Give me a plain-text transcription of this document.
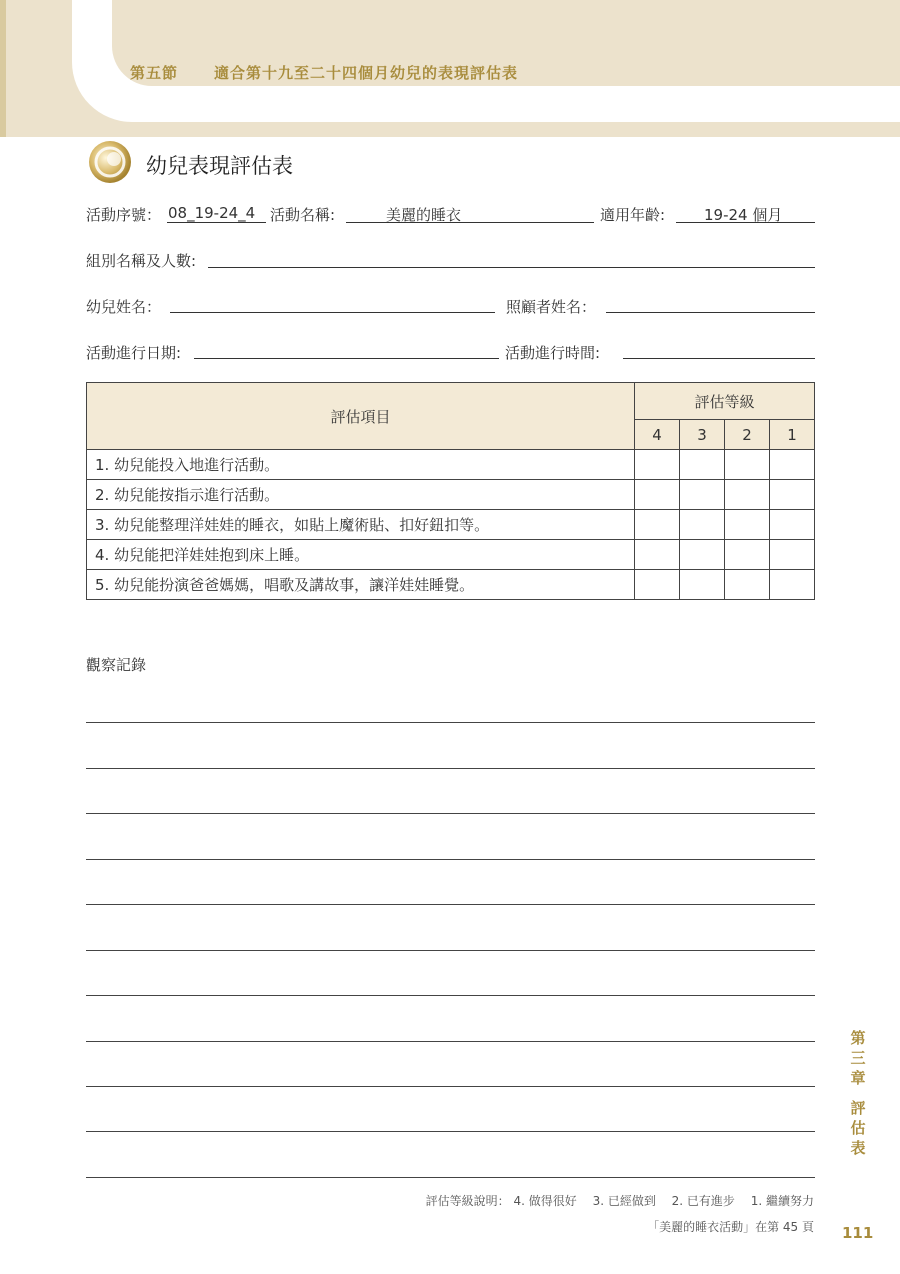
第五節 適合第十九至二十四個月幼兒的表現評估表
幼兒表現評估表
活動序號： 08_19-24_4 活動名稱:	美麗的睡衣	適用年齡:	19-24 個月
組別名稱及人數:
幼兒姓名：	照顧者姓名：
活動進行日期:	活動進行時間:
評估項目	評估等級			
	4	3	2	1
1. 幼兒能投入地進行活動。				
2. 幼兒能按指示進行活動。				
3. 幼兒能整理洋娃娃的睡衣，如貼上魔術貼、扣好鈕扣等。				
4. 幼兒能把洋娃娃抱到床上睡。				
5. 幼兒能扮演爸爸媽媽，唱歌及講故事，讓洋娃娃睡覺。				
觀察記錄
第
三
章
評
估
表
評估等級說明： 4. 做得很好　 3. 已經做到　 2. 已有進步　 1. 繼續努力
「美麗的睡衣活動」在第 45 頁 111
